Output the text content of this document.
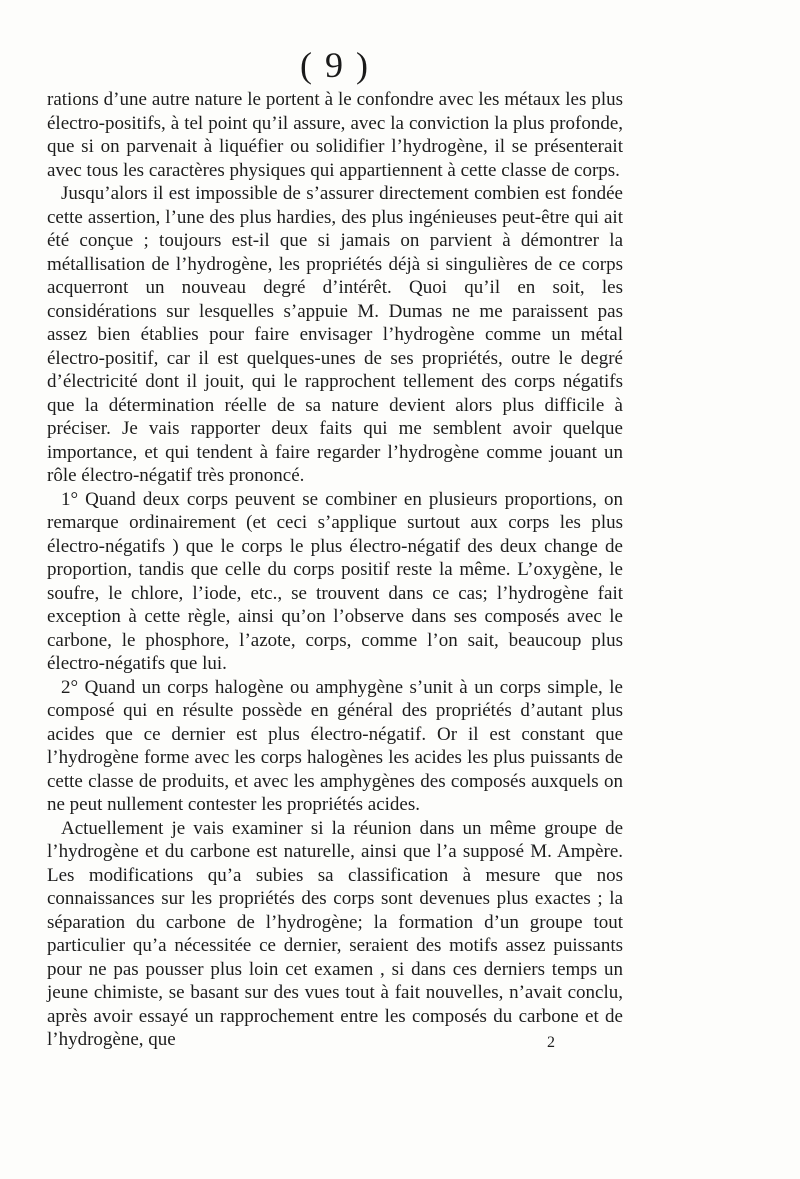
( 9 )

rations d’une autre nature le portent à le confondre avec les métaux les plus électro-positifs, à tel point qu’il assure, avec la conviction la plus profonde, que si on parvenait à liquéfier ou solidifier l’hydrogène, il se présenterait avec tous les caractères physiques qui appartiennent à cette classe de corps.

Jusqu’alors il est impossible de s’assurer directement combien est fondée cette assertion, l’une des plus hardies, des plus ingénieuses peut-être qui ait été conçue ; toujours est-il que si jamais on parvient à démontrer la métallisation de l’hydrogène, les propriétés déjà si singulières de ce corps acquerront un nouveau degré d’intérêt. Quoi qu’il en soit, les considérations sur lesquelles s’appuie M. Dumas ne me paraissent pas assez bien établies pour faire envisager l’hydrogène comme un métal électro-positif, car il est quelques-unes de ses propriétés, outre le degré d’électricité dont il jouit, qui le rapprochent tellement des corps négatifs que la détermination réelle de sa nature devient alors plus difficile à préciser. Je vais rapporter deux faits qui me semblent avoir quelque importance, et qui tendent à faire regarder l’hydrogène comme jouant un rôle électro-négatif très prononcé.

1° Quand deux corps peuvent se combiner en plusieurs proportions, on remarque ordinairement (et ceci s’applique surtout aux corps les plus électro-négatifs ) que le corps le plus électro-négatif des deux change de proportion, tandis que celle du corps positif reste la même. L’oxygène, le soufre, le chlore, l’iode, etc., se trouvent dans ce cas; l’hydrogène fait exception à cette règle, ainsi qu’on l’observe dans ses composés avec le carbone, le phosphore, l’azote, corps, comme l’on sait, beaucoup plus électro-négatifs que lui.

2° Quand un corps halogène ou amphygène s’unit à un corps simple, le composé qui en résulte possède en général des propriétés d’autant plus acides que ce dernier est plus électro-négatif. Or il est constant que l’hydrogène forme avec les corps halogènes les acides les plus puissants de cette classe de produits, et avec les amphygènes des composés auxquels on ne peut nullement contester les propriétés acides.

Actuellement je vais examiner si la réunion dans un même groupe de l’hydrogène et du carbone est naturelle, ainsi que l’a supposé M. Ampère. Les modifications qu’a subies sa classification à mesure que nos connaissances sur les propriétés des corps sont devenues plus exactes ; la séparation du carbone de l’hydrogène; la formation d’un groupe tout particulier qu’a nécessitée ce dernier, seraient des motifs assez puissants pour ne pas pousser plus loin cet examen , si dans ces derniers temps un jeune chimiste, se basant sur des vues tout à fait nouvelles, n’avait conclu, après avoir essayé un rapprochement entre les composés du carbone et de l’hydrogène, que	2
